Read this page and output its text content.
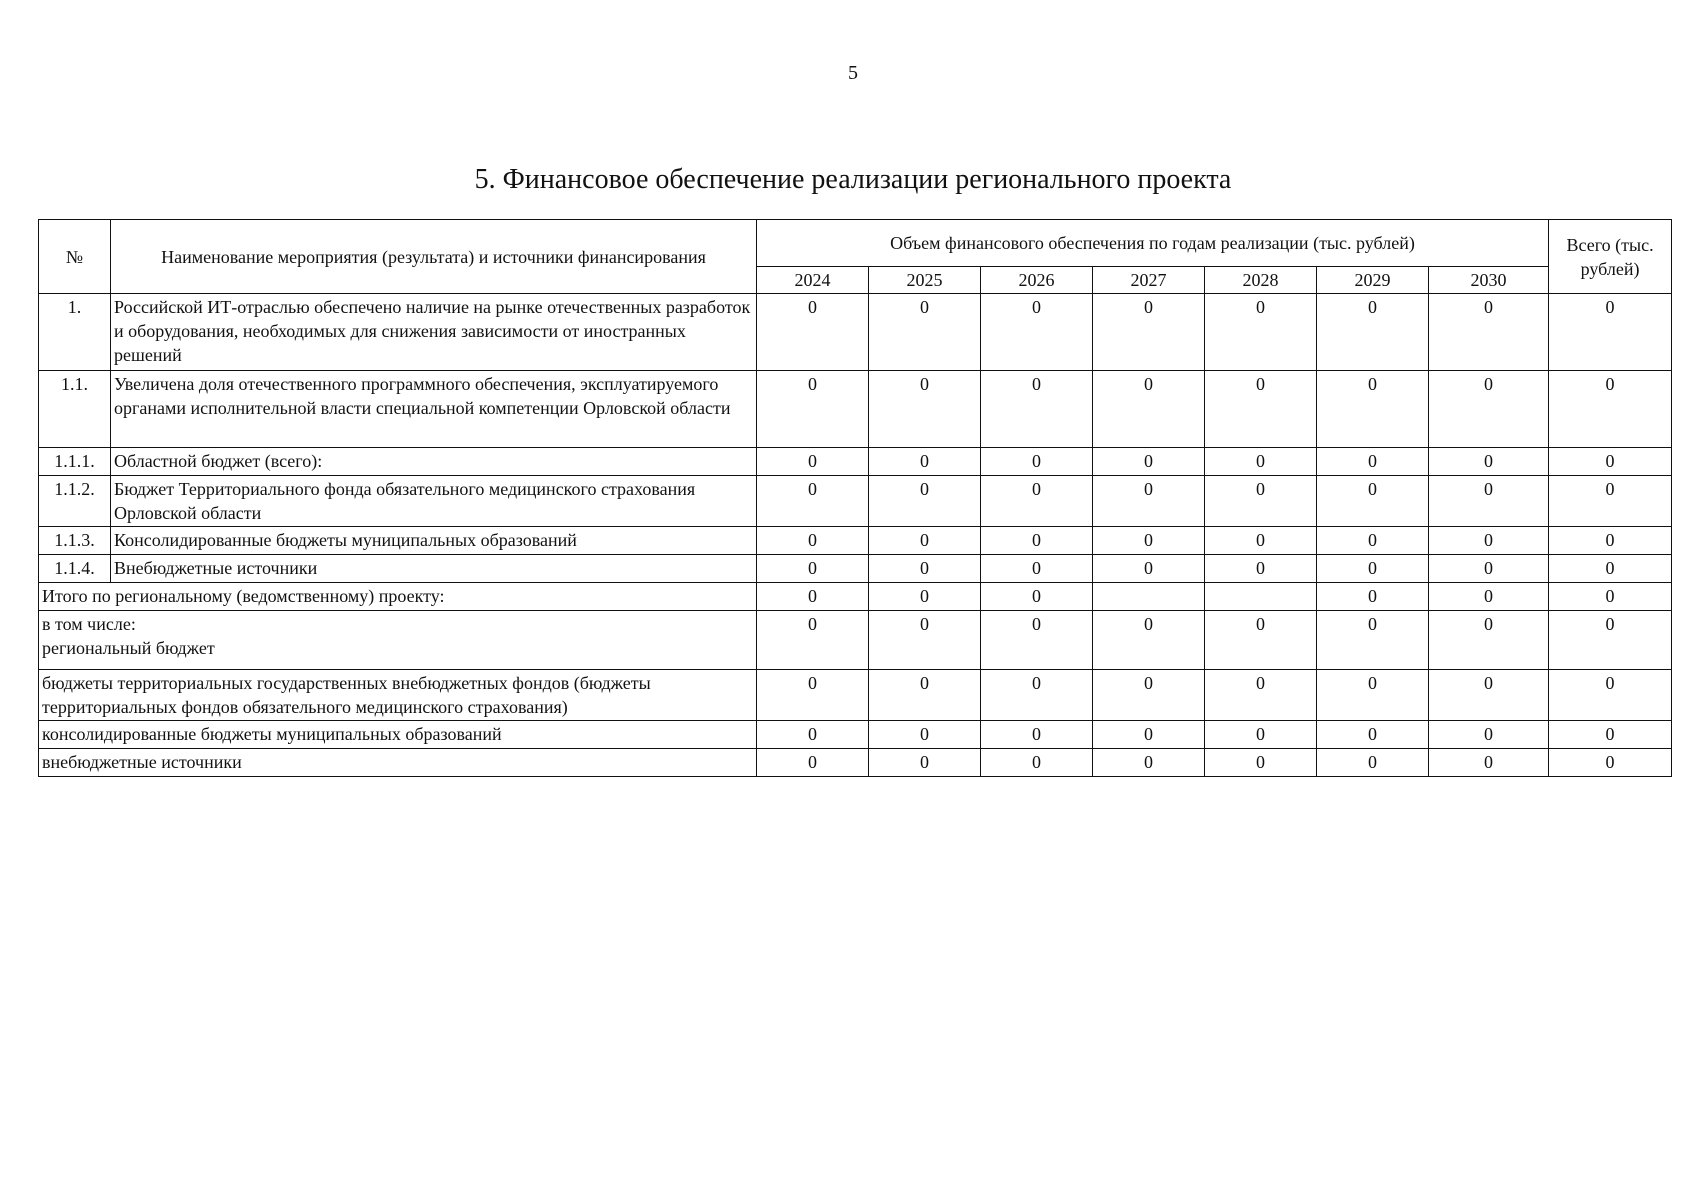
5
5. Финансовое обеспечение реализации регионального проекта
№	Наименование мероприятия (результата) и источники финансирования	Объем финансового обеспечения по годам реализации (тыс. рублей)							Всего (тыс. рублей)
		2024	2025	2026	2027	2028	2029	2030	
1.	Российской ИТ-отраслью обеспечено наличие на рынке отечественных разработок и оборудования, необходимых для снижения зависимости от иностранных решений	0	0	0	0	0	0	0	0
1.1.	Увеличена доля отечественного программного обеспечения, эксплуатируемого органами исполнительной власти специальной компетенции Орловской области	0	0	0	0	0	0	0	0
1.1.1.	Областной бюджет (всего):	0	0	0	0	0	0	0	0
1.1.2.	Бюджет Территориального фонда обязательного медицинского страхования Орловской области	0	0	0	0	0	0	0	0
1.1.3.	Консолидированные бюджеты муниципальных образований	0	0	0	0	0	0	0	0
1.1.4.	Внебюджетные источники	0	0	0	0	0	0	0	0
Итого по региональному (ведомственному) проекту:		0	0	0			0	0	0

в том числе:
региональный бюджет		0	0	0	0	0	0	0	0
бюджеты территориальных государственных внебюджетных фондов (бюджеты территориальных фондов обязательного медицинского страхования)		0	0	0	0	0	0	0	0
консолидированные бюджеты муниципальных образований		0	0	0	0	0	0	0	0
внебюджетные источники		0	0	0	0	0	0	0	0
